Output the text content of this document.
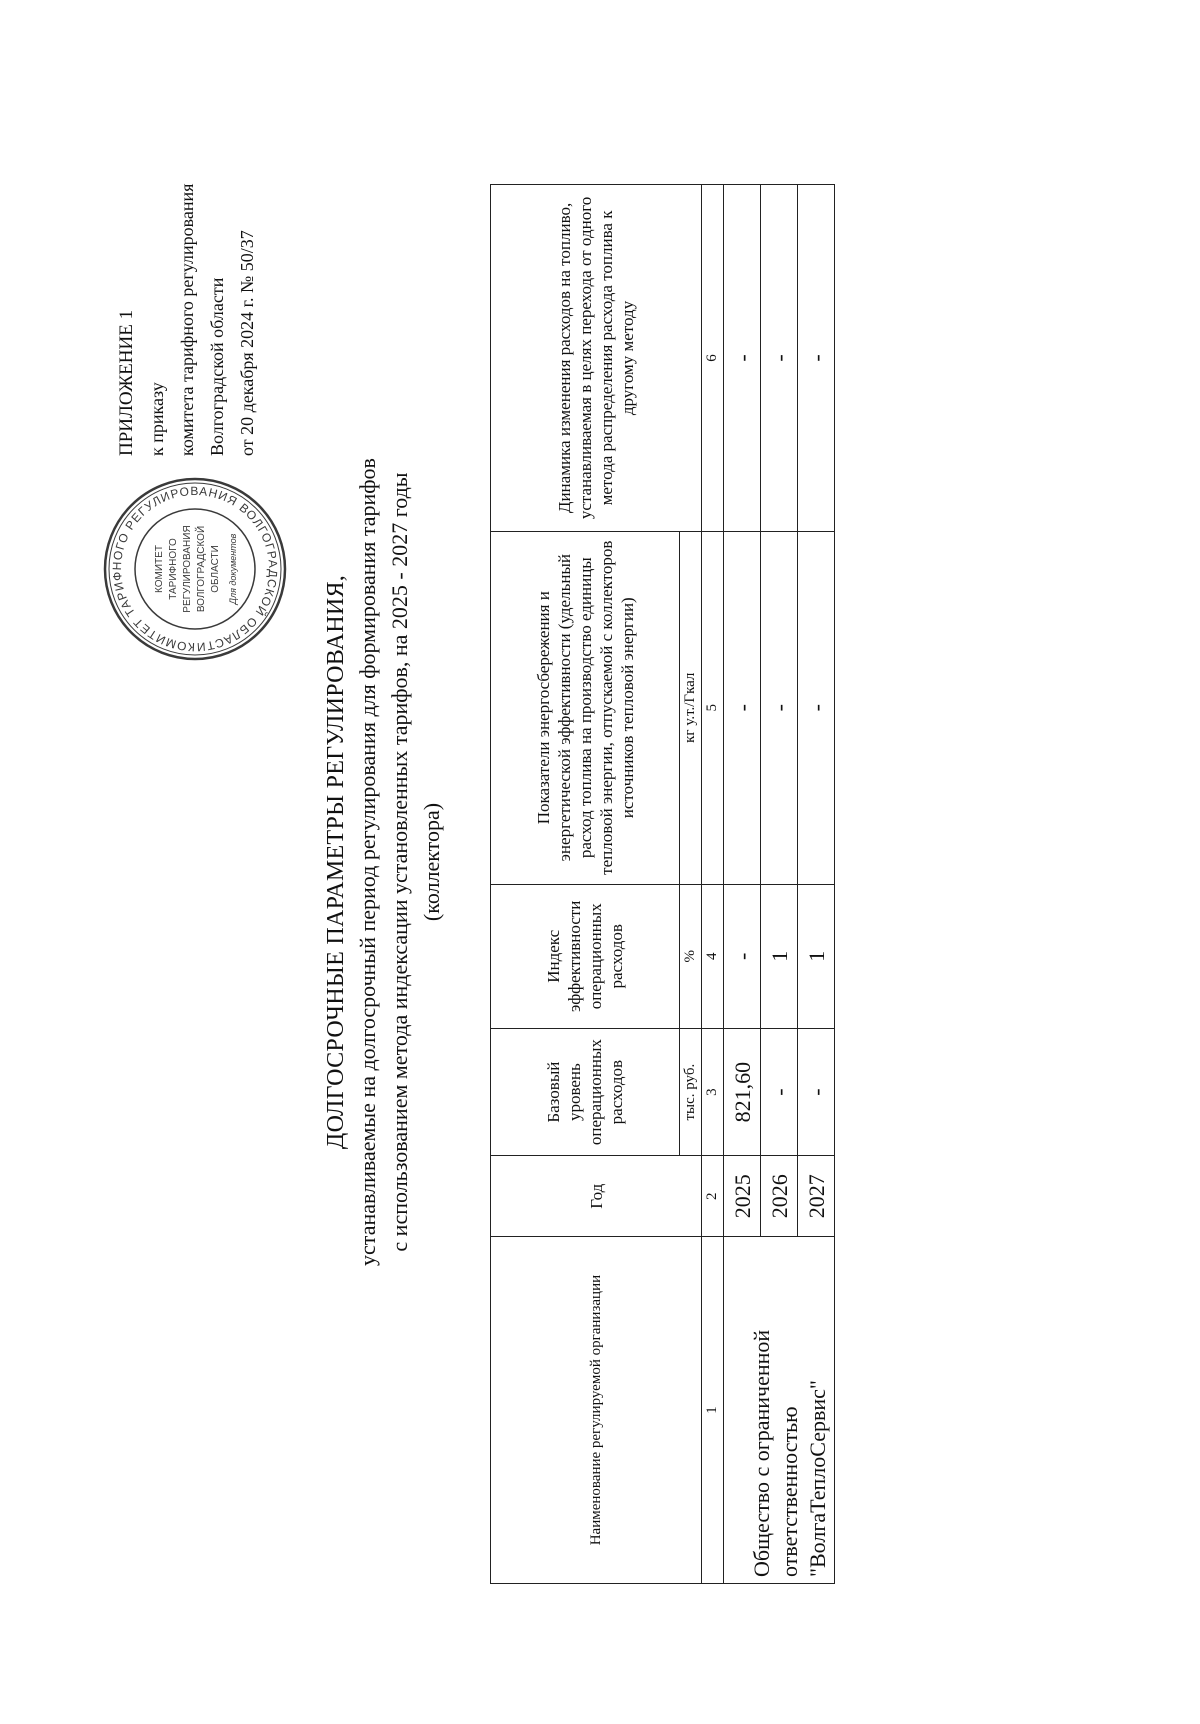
КОМИТЕТ ТАРИФНОГО РЕГУЛИРОВАНИЯ ВОЛГОГРАДСКОЙ ОБЛАСТИ
КОМИТЕТ ТАРИФНОГО РЕГУЛИРОВАНИЯ ВОЛГОГРАДСКОЙ ОБЛАСТИ Для документов
ПРИЛОЖЕНИЕ 1 к приказу комитета тарифного регулирования Волгоградской области от 20 декабря 2024 г. № 50/37
ДОЛГОСРОЧНЫЕ ПАРАМЕТРЫ РЕГУЛИРОВАНИЯ, устанавливаемые на долгосрочный период регулирования для формирования тарифов с использованием метода индексации установленных тарифов, на 2025 - 2027 годы (коллектора)
Наименование регулируемой организации	Год	Базовый уровень операционных расходов	Индекс эффективности операционных расходов	Показатели энергосбережения и энергетической эффективности (удельный расход топлива на производство единицы тепловой энергии, отпускаемой с коллекторов источников тепловой энергии)	Динамика изменения расходов на топливо, устанавливаемая в целях перехода от одного метода распределения расхода топлива к другому методу
		тыс. руб.	%	кг у.т./Гкал	
1	2	3	4	5	6
Общество с ограниченной ответственностью "ВолгаТеплоСервис"	2025	821,60	-	-	-
	2026	-	1	-	-
	2027	-	1	-	-
